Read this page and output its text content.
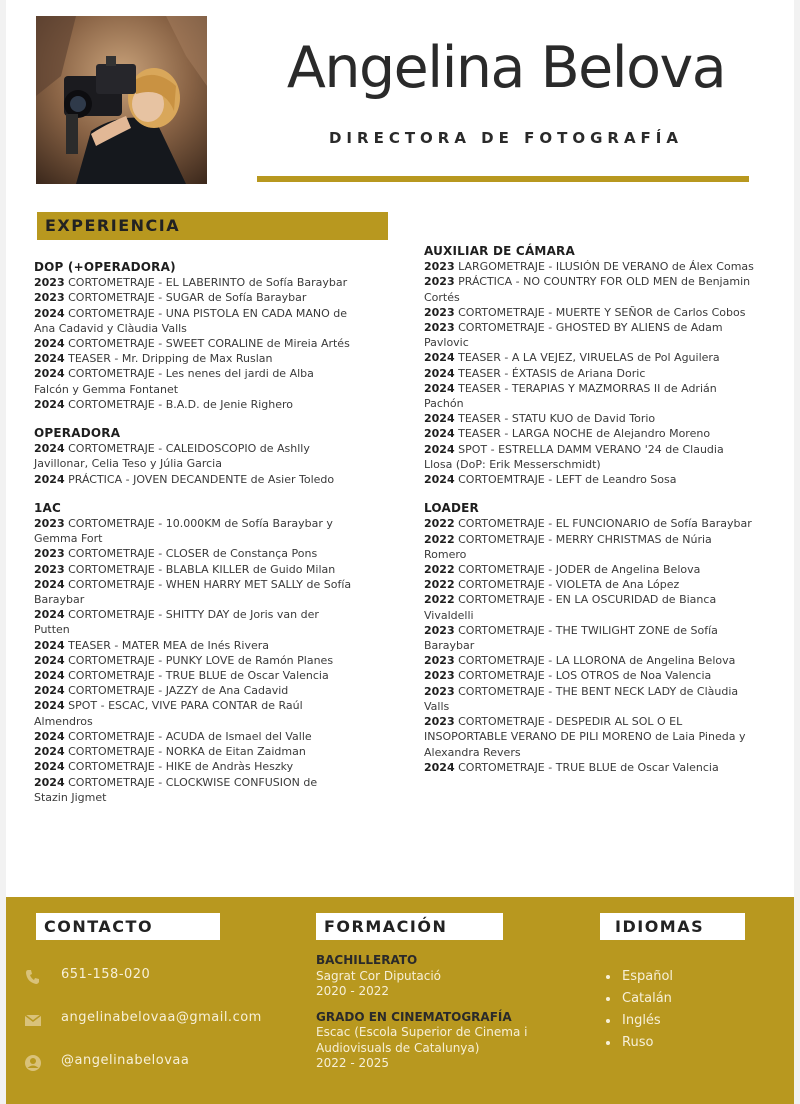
Angelina Belova
DIRECTORA DE FOTOGRAFÍA
EXPERIENCIA
DOP (+OPERADORA)
2023 CORTOMETRAJE - EL LABERINTO de Sofía Baraybar
2023 CORTOMETRAJE - SUGAR de Sofía Baraybar
2024 CORTOMETRAJE - UNA PISTOLA EN CADA MANO de Ana Cadavid y Clàudia Valls
2024 CORTOMETRAJE - SWEET CORALINE de Mireia Artés
2024 TEASER - Mr. Dripping de Max Ruslan
2024 CORTOMETRAJE - Les nenes del jardi de Alba Falcón y Gemma Fontanet
2024 CORTOMETRAJE - B.A.D. de Jenie Righero
OPERADORA
2024 CORTOMETRAJE - CALEIDOSCOPIO de Ashlly Javillonar, Celia Teso y Júlia Garcia
2024 PRÁCTICA - JOVEN DECANDENTE de Asier Toledo
1AC
2023 CORTOMETRAJE - 10.000KM de Sofía Baraybar y Gemma Fort
2023 CORTOMETRAJE - CLOSER de Constança Pons
2023 CORTOMETRAJE - BLABLA KILLER de Guido Milan
2024 CORTOMETRAJE - WHEN HARRY MET SALLY de Sofía Baraybar
2024 CORTOMETRAJE - SHITTY DAY de Joris van der Putten
2024 TEASER - MATER MEA de Inés Rivera
2024 CORTOMETRAJE - PUNKY LOVE de Ramón Planes
2024 CORTOMETRAJE - TRUE BLUE de Oscar Valencia
2024 CORTOMETRAJE - JAZZY de Ana Cadavid
2024 SPOT - ESCAC, VIVE PARA CONTAR de Raúl Almendros
2024 CORTOMETRAJE - ACUDA de Ismael del Valle
2024 CORTOMETRAJE - NORKA de Eitan Zaidman
2024 CORTOMETRAJE - HIKE de Andràs Heszky
2024 CORTOMETRAJE - CLOCKWISE CONFUSION de Stazin Jigmet
AUXILIAR DE CÁMARA
2023 LARGOMETRAJE - ILUSIÓN DE VERANO de Álex Comas
2023 PRÁCTICA - NO COUNTRY FOR OLD MEN de Benjamin Cortés
2023 CORTOMETRAJE - MUERTE Y SEÑOR de Carlos Cobos
2023 CORTOMETRAJE - GHOSTED BY ALIENS de Adam Pavlovic
2024 TEASER - A LA VEJEZ, VIRUELAS de Pol Aguilera
2024 TEASER - ÉXTASIS de Ariana Doric
2024 TEASER - TERAPIAS Y MAZMORRAS II de Adrián Pachón
2024 TEASER - STATU KUO de David Torio
2024 TEASER - LARGA NOCHE de Alejandro Moreno
2024 SPOT - ESTRELLA DAMM VERANO '24 de Claudia Llosa (DoP: Erik Messerschmidt)
2024 CORTOEMTRAJE - LEFT de Leandro Sosa
LOADER
2022 CORTOMETRAJE - EL FUNCIONARIO de Sofía Baraybar
2022 CORTOMETRAJE - MERRY CHRISTMAS de Núria Romero
2022 CORTOMETRAJE - JODER de Angelina Belova
2022 CORTOMETRAJE - VIOLETA de Ana López
2022 CORTOMETRAJE - EN LA OSCURIDAD de Bianca Vivaldelli
2023 CORTOMETRAJE - THE TWILIGHT ZONE de Sofía Baraybar
2023 CORTOMETRAJE - LA LLORONA de Angelina Belova
2023 CORTOMETRAJE - LOS OTROS de Noa Valencia
2023 CORTOMETRAJE - THE BENT NECK LADY de Clàudia Valls
2023 CORTOMETRAJE - DESPEDIR AL SOL O EL INSOPORTABLE VERANO DE PILI MORENO de Laia Pineda y Alexandra Revers
2024 CORTOMETRAJE - TRUE BLUE de Oscar Valencia
CONTACTO	FORMACIÓN	IDIOMAS
651-158-020
angelinabelovaa@gmail.com
@angelinabelovaa
BACHILLERATO
Sagrat Cor Diputació
2020 - 2022
GRADO EN CINEMATOGRAFÍA
Escac (Escola Superior de Cinema i Audiovisuals de Catalunya)
2022 - 2025
Español
Catalán
Inglés
Ruso
